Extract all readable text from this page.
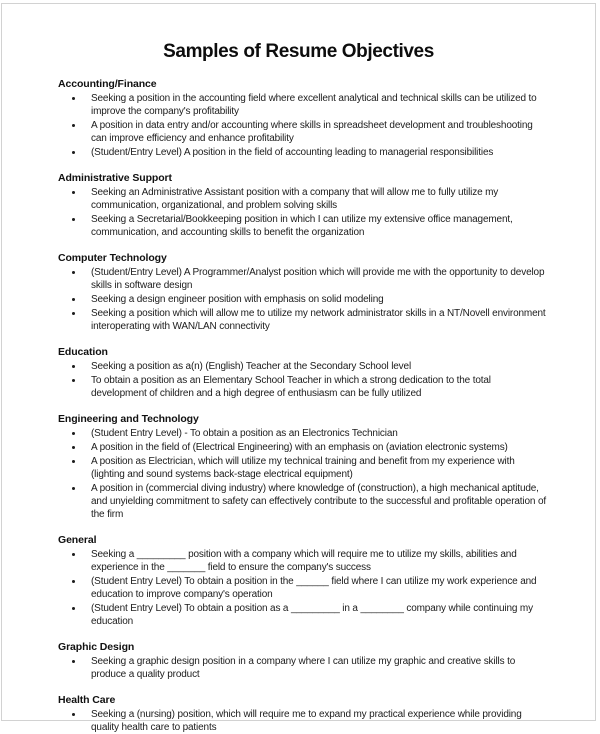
Samples of Resume Objectives
Accounting/Finance
Seeking a position in the accounting field where excellent analytical and technical skills can be utilized to improve the company's profitability
A position in data entry and/or accounting where skills in spreadsheet development and troubleshooting can improve efficiency and enhance profitability
(Student/Entry Level) A position in the field of accounting leading to managerial responsibilities
Administrative Support
Seeking an Administrative Assistant position with a company that will allow me to fully utilize my communication, organizational, and problem solving skills
Seeking a Secretarial/Bookkeeping position in which I can utilize my extensive office management, communication, and accounting skills to benefit the organization
Computer Technology
(Student/Entry Level) A Programmer/Analyst position which will provide me with the opportunity to develop skills in software design
Seeking a design engineer position with emphasis on solid modeling
Seeking a position which will allow me to utilize my network administrator skills in a NT/Novell environment interoperating with WAN/LAN connectivity
Education
Seeking a position as a(n) (English) Teacher at the Secondary School level
To obtain a position as an Elementary School Teacher in which a strong dedication to the total development of children and a high degree of enthusiasm can be fully utilized
Engineering and Technology
(Student Entry Level) - To obtain a position as an Electronics Technician
A position in the field of (Electrical Engineering) with an emphasis on (aviation electronic systems)
A position as Electrician, which will utilize my technical training and benefit from my experience with (lighting and sound systems back-stage electrical equipment)
A position in (commercial diving industry) where knowledge of (construction), a high mechanical aptitude, and unyielding commitment to safety can effectively contribute to the successful and profitable operation of the firm
General
Seeking a _________ position with a company which will require me to utilize my skills, abilities and experience in the _______ field to ensure the company's success
(Student Entry Level) To obtain a position in the ______ field where I can utilize my work experience and education to improve company's operation
(Student Entry Level) To obtain a position as a _________ in a ________ company while continuing my education
Graphic Design
Seeking a graphic design position in a company where I can utilize my graphic and creative skills to produce a quality product
Health Care
Seeking a (nursing) position, which will require me to expand my practical experience while providing quality health care to patients
